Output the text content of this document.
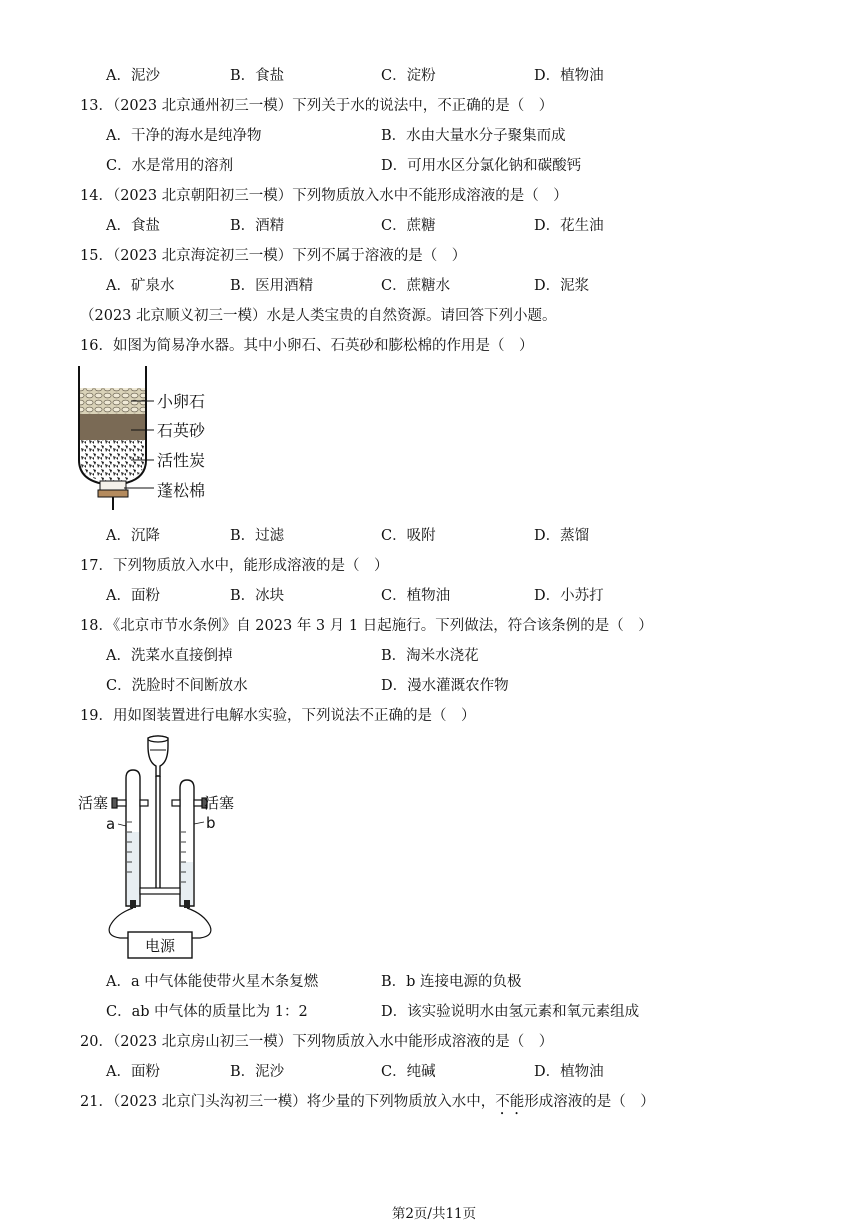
A．泥沙	B．食盐	C．淀粉	D．植物油
13．（2023 北京通州初三一模）下列关于水的说法中，不正确的是（　）
A．干净的海水是纯净物	B．水由大量水分子聚集而成
C．水是常用的溶剂	D．可用水区分氯化钠和碳酸钙
14．（2023 北京朝阳初三一模）下列物质放入水中不能形成溶液的是（　）
A．食盐	B．酒精	C．蔗糖	D．花生油
15．（2023 北京海淀初三一模）下列不属于溶液的是（　）
A．矿泉水	B．医用酒精	C．蔗糖水	D．泥浆
（2023 北京顺义初三一模）水是人类宝贵的自然资源。请回答下列小题。
16．如图为简易净水器。其中小卵石、石英砂和膨松棉的作用是（　）
小卵石
石英砂
活性炭
蓬松棉
A．沉降	B．过滤	C．吸附	D．蒸馏
17．下列物质放入水中，能形成溶液的是（　）
A．面粉	B．冰块	C．植物油	D．小苏打
18．《北京市节水条例》自 2023 年 3 月 1 日起施行。下列做法，符合该条例的是（　）
A．洗菜水直接倒掉	B．淘米水浇花
C．洗脸时不间断放水	D．漫水灌溉农作物
19．用如图装置进行电解水实验，下列说法不正确的是（　）
电源
活塞	活塞
a	b
A．a 中气体能使带火星木条复燃	B．b 连接电源的负极
C．ab 中气体的质量比为 1：2	D．该实验说明水由氢元素和氧元素组成
20．（2023 北京房山初三一模）下列物质放入水中能形成溶液的是（　）
A．面粉	B．泥沙	C．纯碱	D．植物油
21．（2023 北京门头沟初三一模）将少量的下列物质放入水中，不能形成溶液的是（　）
第2页/共11页
